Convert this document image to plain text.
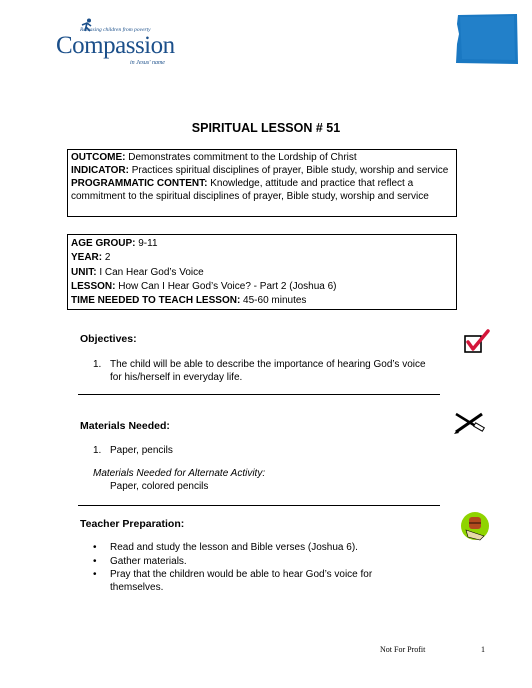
Releasing children from poverty
Compassion
in Jesus' name
SPIRITUAL LESSON # 51
OUTCOME: Demonstrates commitment to the Lordship of Christ
INDICATOR: Practices spiritual disciplines of prayer, Bible study, worship and service
PROGRAMMATIC CONTENT: Knowledge, attitude and practice that reflect a commitment to the spiritual disciplines of prayer, Bible study, worship and service
AGE GROUP: 9-11
YEAR: 2
UNIT: I Can Hear God’s Voice
LESSON: How Can I Hear God’s Voice? - Part 2 (Joshua 6)
TIME NEEDED TO TEACH LESSON: 45-60 minutes
Objectives:
1. The child will be able to describe the importance of hearing God’s voice for his/herself in everyday life.
Materials Needed:
1. Paper, pencils
Materials Needed for Alternate Activity:
Paper, colored pencils
Teacher Preparation:
•	Read and study the lesson and Bible verses (Joshua 6).
•	Gather materials.
•	Pray that the children would be able to hear God’s voice for themselves.
Not For Profit	1
